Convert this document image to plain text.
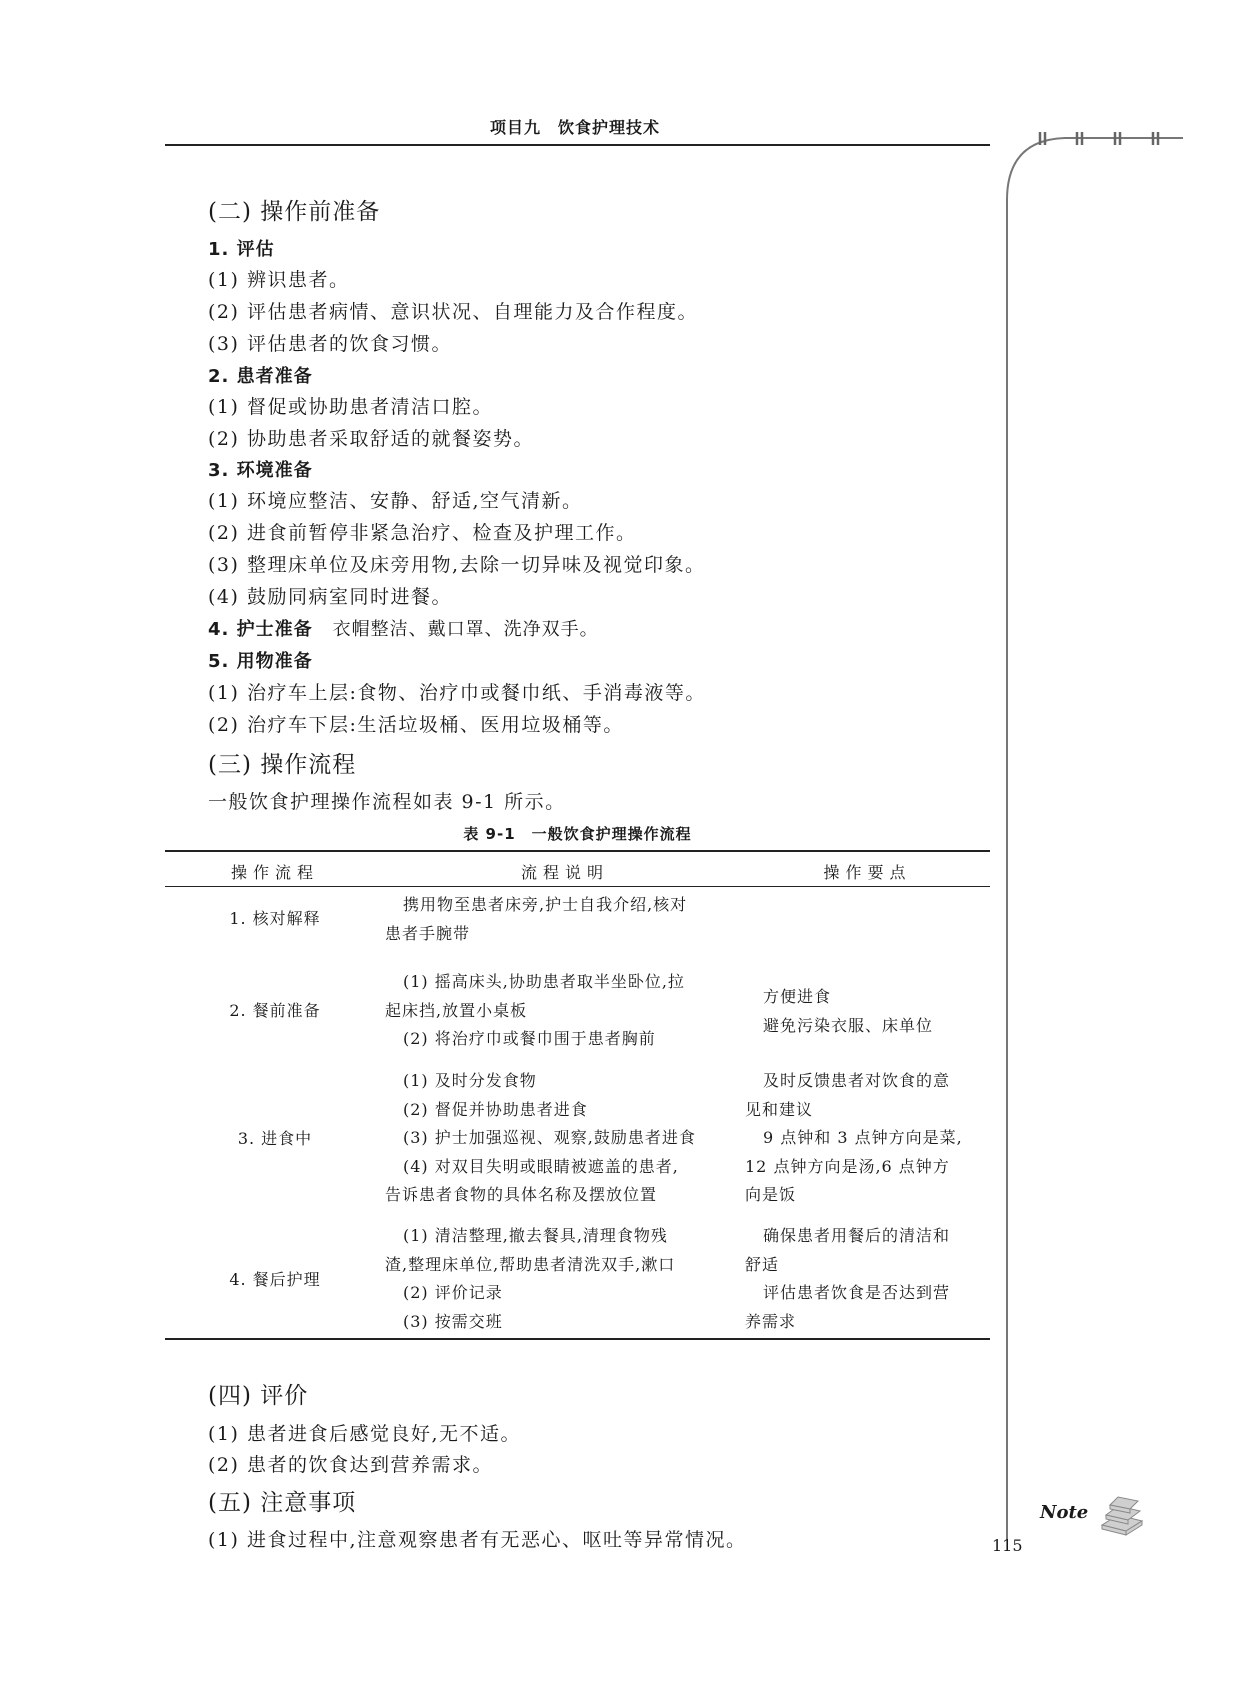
项目九　饮食护理技术
(二) 操作前准备
1. 评估
(1) 辨识患者。
(2) 评估患者病情、意识状况、自理能力及合作程度。
(3) 评估患者的饮食习惯。
2. 患者准备
(1) 督促或协助患者清洁口腔。
(2) 协助患者采取舒适的就餐姿势。
3. 环境准备
(1) 环境应整洁、安静、舒适,空气清新。
(2) 进食前暂停非紧急治疗、检查及护理工作。
(3) 整理床单位及床旁用物,去除一切异味及视觉印象。
(4) 鼓励同病室同时进餐。
4. 护士准备 衣帽整洁、戴口罩、洗净双手。
5. 用物准备
(1) 治疗车上层:食物、治疗巾或餐巾纸、手消毒液等。
(2) 治疗车下层:生活垃圾桶、医用垃圾桶等。
(三) 操作流程
一般饮食护理操作流程如表 9-1 所示。
表 9-1　一般饮食护理操作流程
操作流程	流程说明	操作要点
1. 核对解释
携用物至患者床旁,护士自我介绍,核对
患者手腕带
2. 餐前准备
(1) 摇高床头,协助患者取半坐卧位,拉
起床挡,放置小桌板
(2) 将治疗巾或餐巾围于患者胸前
方便进食
避免污染衣服、床单位
3. 进食中
(1) 及时分发食物
(2) 督促并协助患者进食
(3) 护士加强巡视、观察,鼓励患者进食
(4) 对双目失明或眼睛被遮盖的患者,
告诉患者食物的具体名称及摆放位置
及时反馈患者对饮食的意
见和建议
9 点钟和 3 点钟方向是菜,
12 点钟方向是汤,6 点钟方
向是饭
4. 餐后护理
(1) 清洁整理,撤去餐具,清理食物残
渣,整理床单位,帮助患者清洗双手,漱口
(2) 评价记录
(3) 按需交班
确保患者用餐后的清洁和
舒适
评估患者饮食是否达到营
养需求
(四) 评价
(1) 患者进食后感觉良好,无不适。
(2) 患者的饮食达到营养需求。
(五) 注意事项
(1) 进食过程中,注意观察患者有无恶心、呕吐等异常情况。
Note
115
